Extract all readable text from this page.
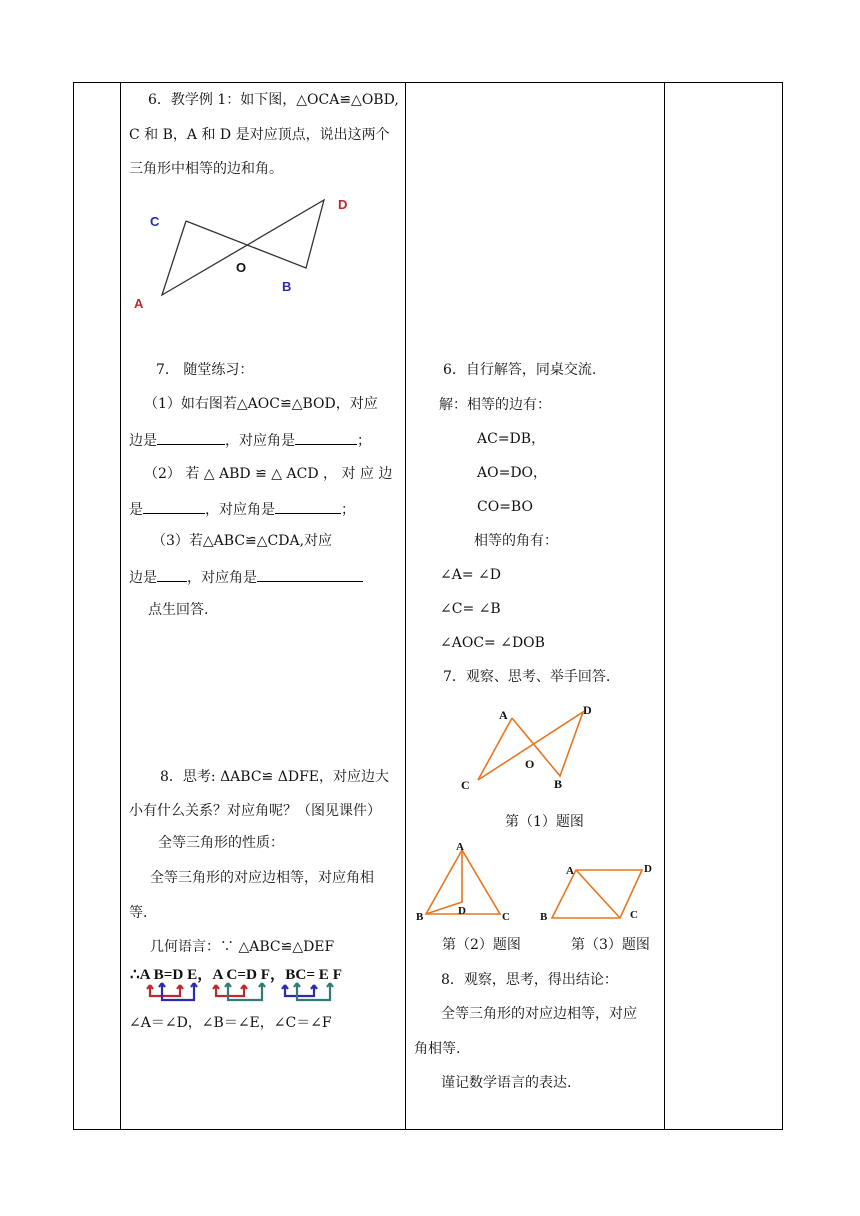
6．教学例 1：如下图，△OCA≌△OBD,
C 和 B，A 和 D 是对应顶点，说出这两个
三角形中相等的边和角。
C
D
O
A
B
7． 随堂练习：
（1）如右图若△AOC≌△BOD，对应
边是	，对应角是	；
（2） 若 △ ABD ≌ △ ACD ， 对 应 边
是	，对应角是	；
（3）若△ABC≌△CDA,对应
边是 ，对应角是
点生回答.
8．思考: ΔABC≌ ΔDFE，对应边大
小有什么关系？对应角呢？（图见课件）
全等三角形的性质：
全等三角形的对应边相等，对应角相
等.
几何语言：∵ △ABC≌△DEF
∴A B=D E，A C=D F，BC= E F
∠A＝∠D，∠B＝∠E，∠C＝∠F
6．自行解答，同桌交流.
解：相等的边有：
AC=DB，
AO=DO，
CO=BO
相等的角有：
∠A= ∠D
∠C= ∠B
∠AOC= ∠DOB
7．观察、思考、举手回答.
A	D
O
C	B
第（1）题图
A
B	D	C
A	D
B	C
第（2）题图	第（3）题图
8．观察，思考，得出结论：
全等三角形的对应边相等，对应
角相等.
谨记数学语言的表达.
